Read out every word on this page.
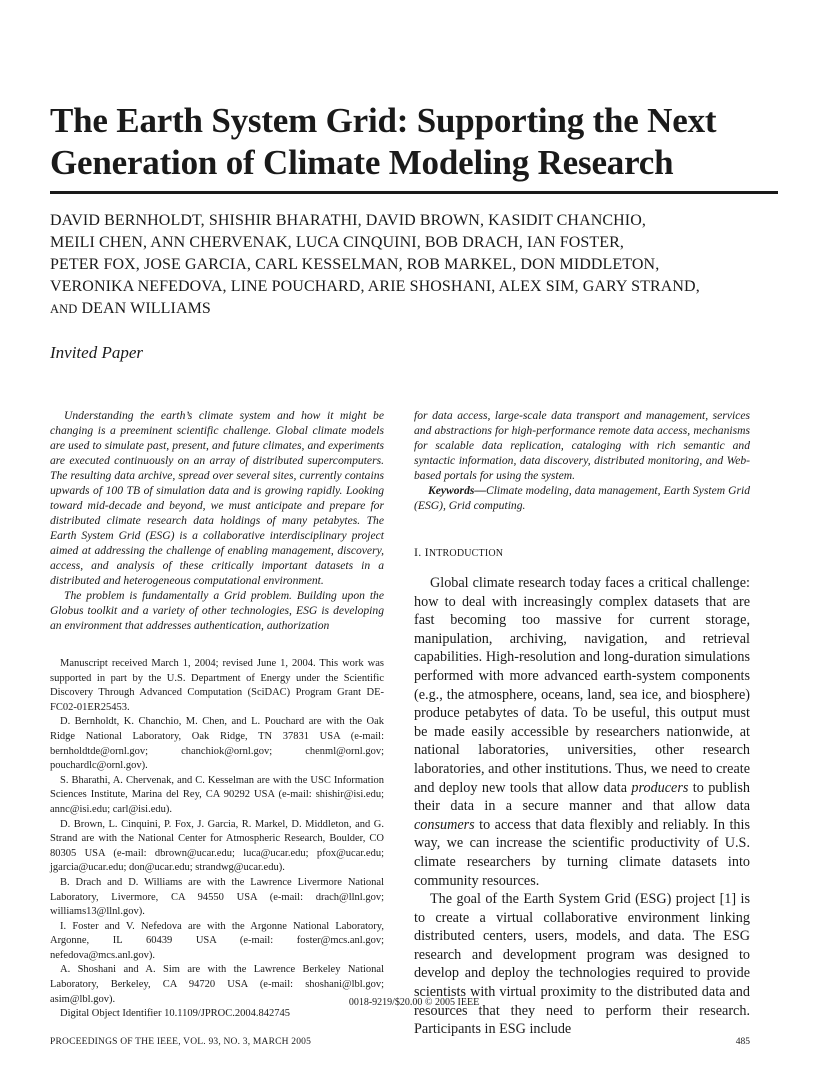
The Earth System Grid: Supporting the Next
Generation of Climate Modeling Research
DAVID BERNHOLDT, SHISHIR BHARATHI, DAVID BROWN, KASIDIT CHANCHIO,
MEILI CHEN, ANN CHERVENAK, LUCA CINQUINI, BOB DRACH, IAN FOSTER,
PETER FOX, JOSE GARCIA, CARL KESSELMAN, ROB MARKEL, DON MIDDLETON,
VERONIKA NEFEDOVA, LINE POUCHARD, ARIE SHOSHANI, ALEX SIM, GARY STRAND,
AND DEAN WILLIAMS
Invited Paper

Understanding the earth’s climate system and how it might be changing is a preeminent scientific challenge. Global climate models are used to simulate past, present, and future climates, and experiments are executed continuously on an array of distributed supercomputers. The resulting data archive, spread over several sites, currently contains upwards of 100 TB of simulation data and is growing rapidly. Looking toward mid-decade and beyond, we must anticipate and prepare for distributed climate research data holdings of many petabytes. The Earth System Grid (ESG) is a collaborative interdisciplinary project aimed at addressing the challenge of enabling management, discovery, access, and analysis of these critically important datasets in a distributed and heterogeneous computational environment.

The problem is fundamentally a Grid problem. Building upon the Globus toolkit and a variety of other technologies, ESG is developing an environment that addresses authentication, authorization

Manuscript received March 1, 2004; revised June 1, 2004. This work was supported in part by the U.S. Department of Energy under the Scientific Discovery Through Advanced Computation (SciDAC) Program Grant DE-FC02-01ER25453.

D. Bernholdt, K. Chanchio, M. Chen, and L. Pouchard are with the Oak Ridge National Laboratory, Oak Ridge, TN 37831 USA (e-mail: bernholdtde@ornl.gov; chanchiok@ornl.gov; chenml@ornl.gov; pouchardlc@ornl.gov).

S. Bharathi, A. Chervenak, and C. Kesselman are with the USC Information Sciences Institute, Marina del Rey, CA 90292 USA (e-mail: shishir@isi.edu; annc@isi.edu; carl@isi.edu).

D. Brown, L. Cinquini, P. Fox, J. Garcia, R. Markel, D. Middleton, and G. Strand are with the National Center for Atmospheric Research, Boulder, CO 80305 USA (e-mail: dbrown@ucar.edu; luca@ucar.edu; pfox@ucar.edu; jgarcia@ucar.edu; don@ucar.edu; strandwg@ucar.edu).

B. Drach and D. Williams are with the Lawrence Livermore National Laboratory, Livermore, CA 94550 USA (e-mail: drach@llnl.gov; williams13@llnl.gov).

I. Foster and V. Nefedova are with the Argonne National Laboratory, Argonne, IL 60439 USA (e-mail: foster@mcs.anl.gov; nefedova@mcs.anl.gov).

A. Shoshani and A. Sim are with the Lawrence Berkeley National Laboratory, Berkeley, CA 94720 USA (e-mail: shoshani@lbl.gov; asim@lbl.gov).

Digital Object Identifier 10.1109/JPROC.2004.842745

for data access, large-scale data transport and management, services and abstractions for high-performance remote data access, mechanisms for scalable data replication, cataloging with rich semantic and syntactic information, data discovery, distributed monitoring, and Web-based portals for using the system.

Keywords—Climate modeling, data management, Earth System Grid (ESG), Grid computing.

I. INTRODUCTION

Global climate research today faces a critical challenge: how to deal with increasingly complex datasets that are fast becoming too massive for current storage, manipulation, archiving, navigation, and retrieval capabilities. High-resolution and long-duration simulations performed with more advanced earth-system components (e.g., the atmosphere, oceans, land, sea ice, and biosphere) produce petabytes of data. To be useful, this output must be made easily accessible by researchers nationwide, at national laboratories, universities, other research laboratories, and other institutions. Thus, we need to create and deploy new tools that allow data producers to publish their data in a secure manner and that allow data consumers to access that data flexibly and reliably. In this way, we can increase the scientific productivity of U.S. climate researchers by turning climate datasets into community resources.

The goal of the Earth System Grid (ESG) project [1] is to create a virtual collaborative environment linking distributed centers, users, models, and data. The ESG research and development program was designed to develop and deploy the technologies required to provide scientists with virtual proximity to the distributed data and resources that they need to perform their research. Participants in ESG include

0018-9219/$20.00 © 2005 IEEE
PROCEEDINGS OF THE IEEE, VOL. 93, NO. 3, MARCH 2005	485
